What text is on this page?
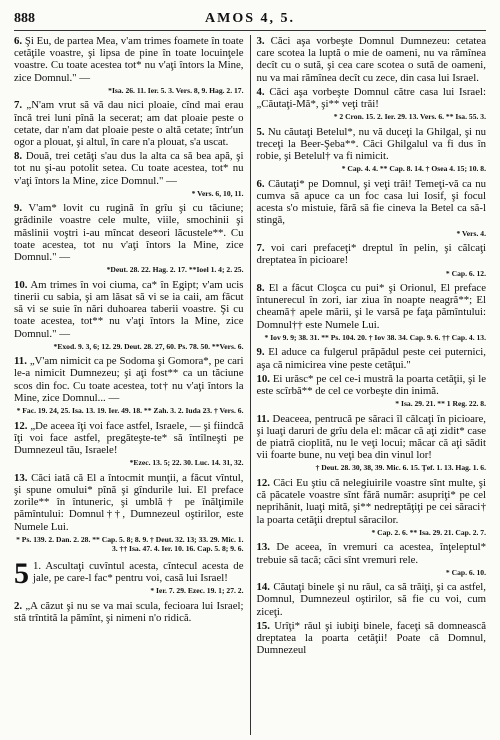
888	AMOS 4, 5.

6. Şi Eu, de partea Mea, v'am trimes foamete în toate cetăţile voastre, şi lipsa de pine în toate locuinţele voastre. Cu toate acestea tot* nu v'aţi întors la Mine, zice Domnul." —

*Isa. 26. 11. Ier. 5. 3. Vers. 8, 9. Hag. 2. 17.

7. „N'am vrut să vă dau nici ploaie, cînd mai erau încă trei luni pînă la secerat; am dat ploaie peste o cetate, dar n'am dat ploaie peste o altă cetate; într'un ogor a plouat, şi altul, în care n'a plouat, s'a uscat.

8. Două, trei cetăţi s'au dus la alta ca să bea apă, şi tot nu şi-au potolit setea. Cu toate acestea, tot* nu v'aţi întors la Mine, zice Domnul." —

* Vers. 6, 10, 11.

9. V'am* lovit cu rugină în grîu şi cu tăciune; grădinile voastre cele multe, viile, smochinii şi măslinii voştri i-au mîncat deseori lăcustele**. Cu toate acestea, tot nu v'aţi întors la Mine, zice Domnul." —

*Deut. 28. 22. Hag. 2. 17. **Ioel 1. 4; 2. 25.

10. Am trimes în voi ciuma, ca* în Egipt; v'am ucis tinerii cu sabia, şi am lăsat să vi se ia caii, am făcut să vi se suie în nări duhoarea taberii voastre. Şi cu toate acestea, tot** nu v'aţi întors la Mine, zice Domnul." —

*Exod. 9. 3, 6; 12. 29. Deut. 28. 27, 60. Ps. 78. 50. **Vers. 6.

11. „V'am nimicit ca pe Sodoma şi Gomora*, pe cari le-a nimicit Dumnezeu; şi aţi fost** ca un tăciune scos din foc. Cu toate acestea, tot† nu v'aţi întors la Mine, zice Domnul... —

* Fac. 19. 24, 25. Isa. 13. 19. Ier. 49. 18. ** Zah. 3. 2. Iuda 23. † Vers. 6.

12. „De aceea îţi voi face astfel, Israele, — şi fiindcă îţi voi face astfel, pregăteşte-te* să întîlneşti pe Dumnezeul tău, Israele!

*Ezec. 13. 5; 22. 30. Luc. 14. 31, 32.

13. Căci iată că El a întocmit munţii, a făcut vîntul, şi spune omului* pînă şi gîndurile lui. El preface zorile** în întuneric, şi umblă† pe înălţimile pămîntului: Domnul††, Dumnezeul oştirilor, este Numele Lui.

* Ps. 139. 2. Dan. 2. 28. ** Cap. 5. 8; 8. 9. † Deut. 32. 13; 33. 29. Mic. 1. 3. †† Isa. 47. 4. Ier. 10. 16. Cap. 5. 8; 9. 6.

5 1. Ascultaţi cuvîntul acesta, cîntecul acesta de jale, pe care-l fac* pentru voi, casă lui Israel!

* Ier. 7. 29. Ezec. 19. 1; 27. 2.

2. „A căzut şi nu se va mai scula, fecioara lui Israel; stă trîntită la pămînt, şi nimeni n'o ridică.

3. Căci aşa vorbeşte Domnul Dumnezeu: cetatea care scotea la luptă o mie de oameni, nu va rămînea decît cu o sută, şi cea care scotea o sută de oameni, nu va mai rămînea decît cu zece, din casa lui Israel.

4. Căci aşa vorbeşte Domnul către casa lui Israel: „Căutaţi-Mă*, şi** veţi trăi!

* 2 Cron. 15. 2. Ier. 29. 13. Vers. 6. ** Isa. 55. 3.

5. Nu căutaţi Betelul*, nu vă duceţi la Ghilgal, şi nu treceţi la Beer-Şeba**. Căci Ghilgalul va fi dus în robie, şi Betelul† va fi nimicit.

* Cap. 4. 4. ** Cap. 8. 14. † Osea 4. 15; 10. 8.

6. Căutaţi* pe Domnul, şi veţi trăi! Temeţi-vă ca nu cumva să apuce ca un foc casa lui Iosif, şi focul acesta s'o mistuie, fără să fie cineva la Betel ca să-l stingă,

* Vers. 4.

7. voi cari prefaceţi* dreptul în pelin, şi călcaţi dreptatea în picioare!

* Cap. 6. 12.

8. El a făcut Cloşca cu pui* şi Orionul, El preface întunerecul în zori, iar ziua în noapte neagră**; El cheamă† apele mării, şi le varsă pe faţa pămîntului: Domnul†† este Numele Lui.

* Iov 9. 9; 38. 31. ** Ps. 104. 20. † Iov 38. 34. Cap. 9. 6. †† Cap. 4. 13.

9. El aduce ca fulgerul prăpădul peste cei puternici, aşa că nimicirea vine peste cetăţui."

10. Ei urăsc* pe cel ce-i mustră la poarta cetăţii, şi le este scîrbă** de cel ce vorbeşte din inimă.

* Isa. 29. 21. ** 1 Reg. 22. 8.

11. Deaceea, pentrucă pe săraci îl călcaţi în picioare, şi luaţi daruri de grîu dela el: măcar că aţi zidit* case de piatră cioplită, nu le veţi locui; măcar că aţi sădit vii foarte bune, nu veţi bea din vinul lor!

† Deut. 28. 30, 38, 39. Mic. 6. 15. Ţef. 1. 13. Hag. 1. 6.

12. Căci Eu ştiu că nelegiuirile voastre sînt multe, şi că păcatele voastre sînt fără număr: asupriţi* pe cel neprihănit, luaţi mită, şi** nedreptăţiţi pe cei săraci† la poarta cetăţii dreptul săracilor.

* Cap. 2. 6. ** Isa. 29. 21. Cap. 2. 7.

13. De aceea, în vremuri ca acestea, înţeleptul* trebuie să tacă; căci sînt vremuri rele.

* Cap. 6. 10.

14. Căutaţi binele şi nu răul, ca să trăiţi, şi ca astfel, Domnul, Dumnezeul oştirilor, să fie cu voi, cum ziceţi.

15. Urîţi* răul şi iubiţi binele, faceţi să domnească dreptatea la poarta cetăţii! Poate că Domnul, Dumnezeul
